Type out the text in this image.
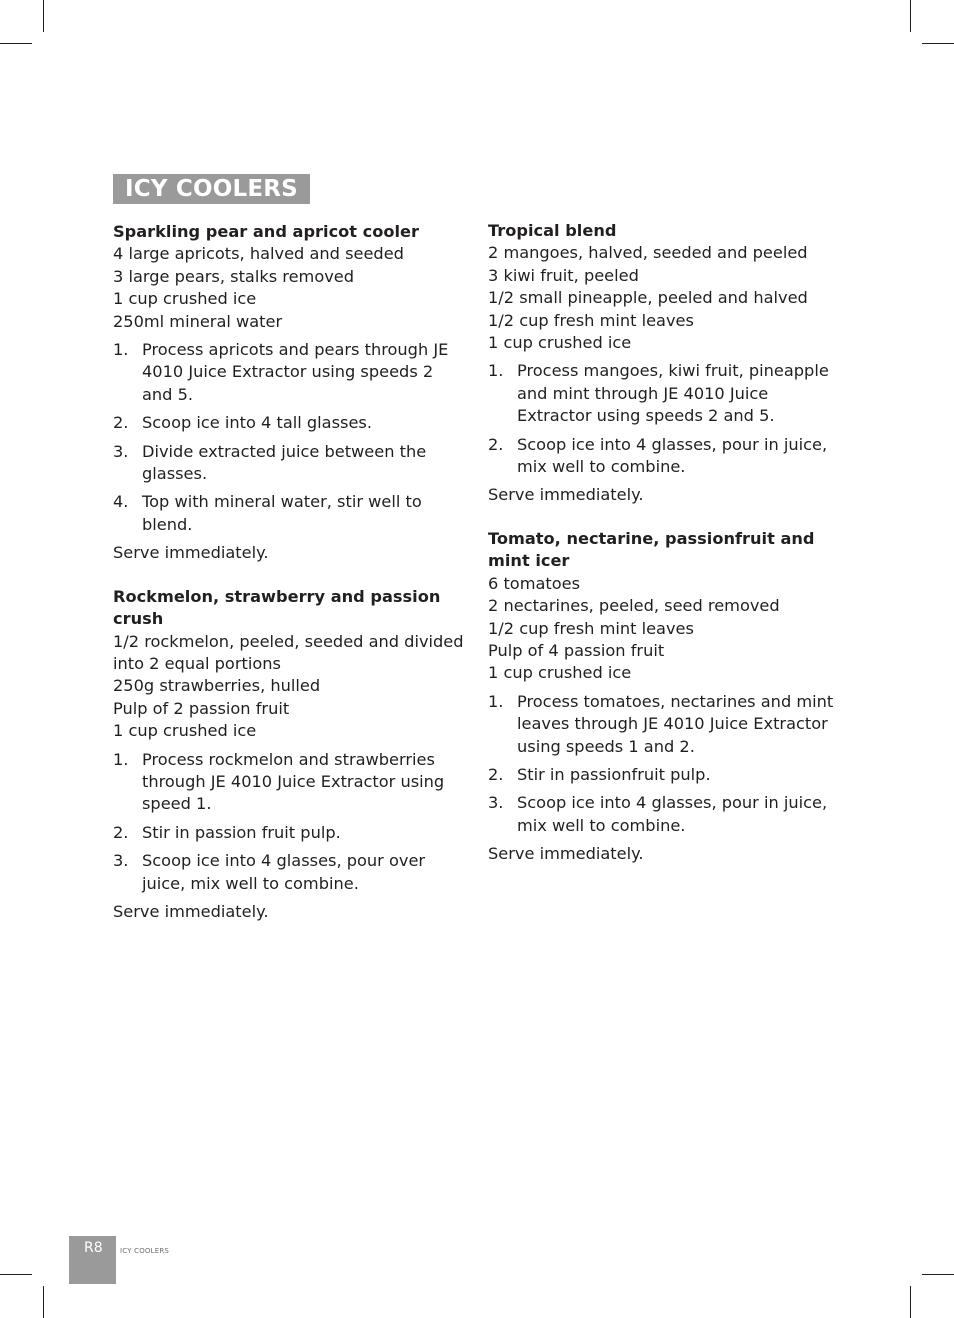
ICY COOLERS
Sparkling pear and apricot cooler
4 large apricots, halved and seeded
3 large pears, stalks removed
1 cup crushed ice
250ml mineral water
1. Process apricots and pears through JE 4010 Juice Extractor using speeds 2 and 5.
2. Scoop ice into 4 tall glasses.
3. Divide extracted juice between the glasses.
4. Top with mineral water, stir well to blend.
Serve immediately.
Rockmelon, strawberry and passion crush
1/2 rockmelon, peeled, seeded and divided into 2 equal portions
250g strawberries, hulled
Pulp of 2 passion fruit
1 cup crushed ice
1. Process rockmelon and strawberries through JE 4010 Juice Extractor using speed 1.
2. Stir in passion fruit pulp.
3. Scoop ice into 4 glasses, pour over juice, mix well to combine.
Serve immediately.
Tropical blend
2 mangoes, halved, seeded and peeled
3 kiwi fruit, peeled
1/2 small pineapple, peeled and halved
1/2 cup fresh mint leaves
1 cup crushed ice
1. Process mangoes, kiwi fruit, pineapple and mint through JE 4010 Juice Extractor using speeds 2 and 5.
2. Scoop ice into 4 glasses, pour in juice, mix well to combine.
Serve immediately.
Tomato, nectarine, passionfruit and mint icer
6 tomatoes
2 nectarines, peeled, seed removed
1/2 cup fresh mint leaves
Pulp of 4 passion fruit
1 cup crushed ice
1. Process tomatoes, nectarines and mint leaves through JE 4010 Juice Extractor using speeds 1 and 2.
2. Stir in passionfruit pulp.
3. Scoop ice into 4 glasses, pour in juice, mix well to combine.
Serve immediately.
R8 ICY COOLERS
